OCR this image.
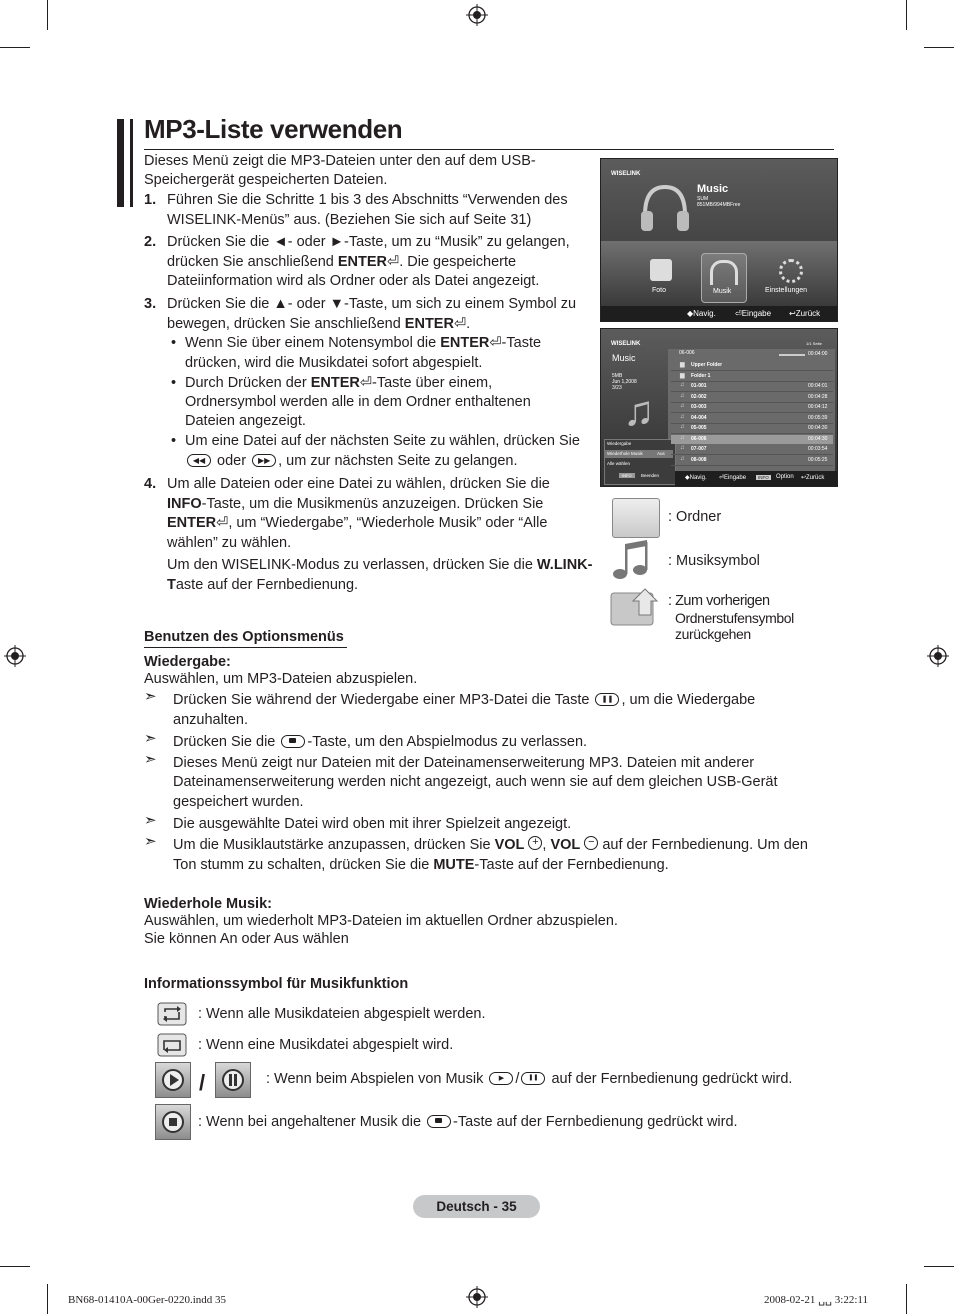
MP3-Liste verwenden
Dieses Menü zeigt die MP3-Dateien unter den auf dem USB-
Speichergerät gespeicherten Dateien.
1. Führen Sie die Schritte 1 bis 3 des Abschnitts “Verwenden des
WISELINK-Menüs” aus. (Beziehen Sie sich auf Seite 31)
2. Drücken Sie die ◄- oder ►-Taste, um zu “Musik” zu gelangen,
drücken Sie anschließend ENTER⏎. Die gespeicherte
Dateiinformation wird als Ordner oder als Datei angezeigt.
3. Drücken Sie die ▲- oder ▼-Taste, um sich zu einem Symbol zu
bewegen, drücken Sie anschließend ENTER⏎.
• Wenn Sie über einem Notensymbol die ENTER⏎-Taste
drücken, wird die Musikdatei sofort abgespielt.
• Durch Drücken der ENTER⏎-Taste über einem,
Ordnersymbol werden alle in dem Ordner enthaltenen
Dateien angezeigt.
• Um eine Datei auf der nächsten Seite zu wählen, drücken Sie
◀◀ oder ▶▶ , um zur nächsten Seite zu gelangen.
4. Um alle Dateien oder eine Datei zu wählen, drücken Sie die
INFO-Taste, um die Musikmenüs anzuzeigen. Drücken Sie
ENTER⏎, um “Wiedergabe”, “Wiederhole Musik” oder “Alle
wählen” zu wählen.
Um den WISELINK-Modus zu verlassen, drücken Sie die W.LINK-
Taste auf der Fernbedienung.
WISELINK
Music
SUM
851MB/994MBFree
Foto	Musik	Einstellungen
◆Navig. ⏎Eingabe ↩Zurück
WISELINK
Music
5MB
Jun 1,2008
3/23 ♫
06-006
1/1 Seite
00:04:00
Wiedergabe
Wiederhole Musik	Aus
Alle wählen
INFO	Beenden	◆Navig. ⏎Eingabe	INFO	Option ↩Zurück
▆ Upper Folder
▆ Folder 1
♫ 01-001	00:04:01
♫ 02-002	00:04:28
♫ 03-003	00:04:12
♫ 04-004	00:05:39
♫ 05-005	00:04:30
♫ 06-006	00:04:30
♫ 07-007	00:03:54
♫ 08-008	00:05:25
: Ordner
: Musiksymbol
: Zum vorherigen
Ordnerstufensymbol
zurückgehen
Benutzen des Optionsmenüs
Wiedergabe:
Auswählen, um MP3-Dateien abzuspielen.
➣ Drücken Sie während der Wiedergabe einer MP3-Datei die Taste ❚❚ , um die Wiedergabe
anzuhalten.
➣ Drücken Sie die -Taste, um den Abspielmodus zu verlassen.
➣ Dieses Menü zeigt nur Dateien mit der Dateinamenserweiterung MP3. Dateien mit anderer
Dateinamenserweiterung werden nicht angezeigt, auch wenn sie auf dem gleichen USB-Gerät
gespeichert wurden.
➣ Die ausgewählte Datei wird oben mit ihrer Spielzeit angezeigt.
➣ Um die Musiklautstärke anzupassen, drücken Sie VOL + , VOL − auf der Fernbedienung. Um den
Ton stumm zu schalten, drücken Sie die MUTE-Taste auf der Fernbedienung.
Wiederhole Musik:
Auswählen, um wiederholt MP3-Dateien im aktuellen Ordner abzuspielen.
Sie können An oder Aus wählen
Informationssymbol für Musikfunktion
: Wenn alle Musikdateien abgespielt werden.
: Wenn eine Musikdatei abgespielt wird.
/	: Wenn beim Abspielen von Musik ▶ / ❚❚ auf der Fernbedienung gedrückt wird.
: Wenn bei angehaltener Musik die -Taste auf der Fernbedienung gedrückt wird.
Deutsch - 35
BN68-01410A-00Ger-0220.indd 35	2008-02-21 ␣␣ 3:22:11
